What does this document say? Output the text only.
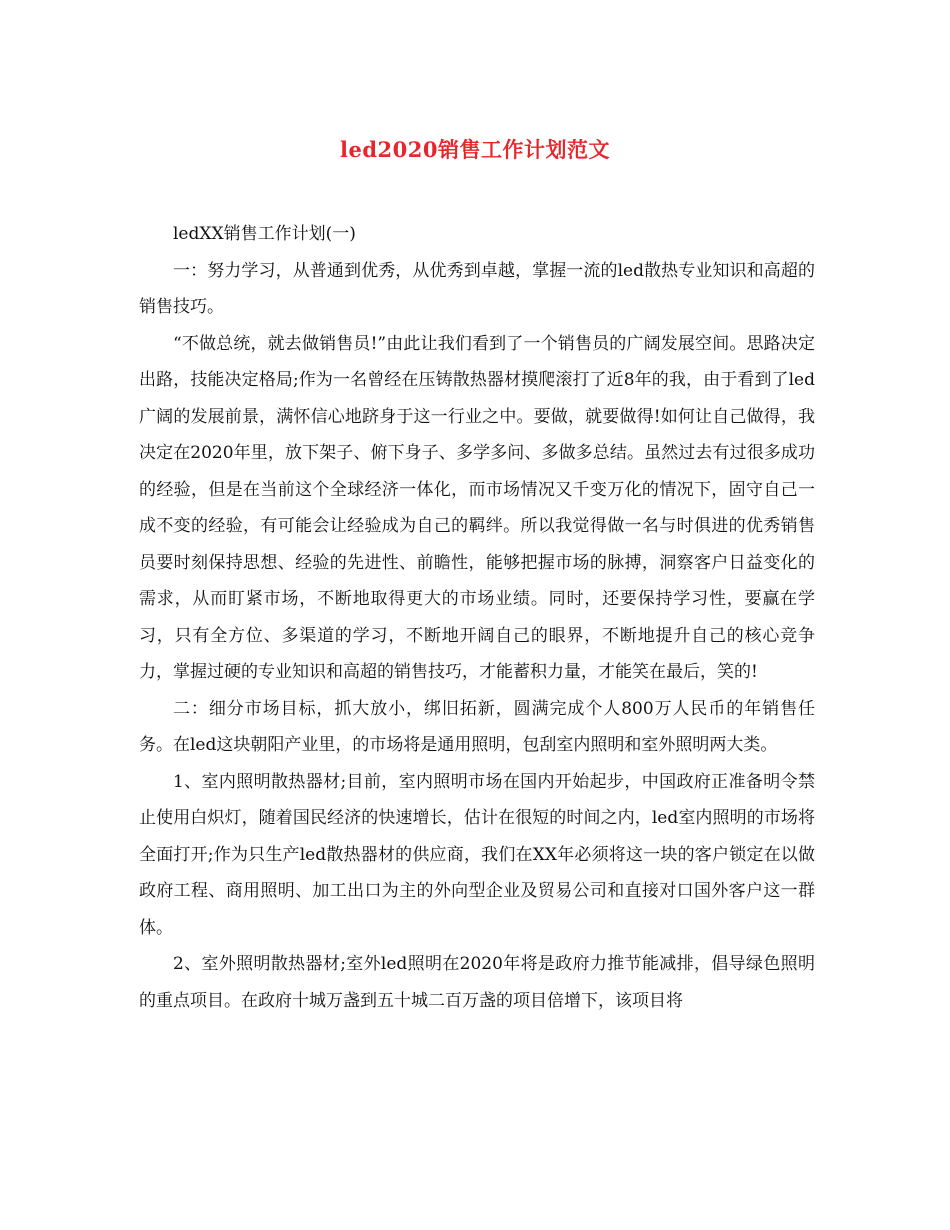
led2020销售工作计划范文

ledXX销售工作计划(一)

一：努力学习，从普通到优秀，从优秀到卓越，掌握一流的led散热专业知识和高超的销售技巧。

“不做总统，就去做销售员!”由此让我们看到了一个销售员的广阔发展空间。思路决定出路，技能决定格局;作为一名曾经在压铸散热器材摸爬滚打了近8年的我，由于看到了led广阔的发展前景，满怀信心地跻身于这一行业之中。要做，就要做得!如何让自己做得，我决定在2020年里，放下架子、俯下身子、多学多问、多做多总结。虽然过去有过很多成功的经验，但是在当前这个全球经济一体化，而市场情况又千变万化的情况下，固守自己一成不变的经验，有可能会让经验成为自己的羁绊。所以我觉得做一名与时俱进的优秀销售员要时刻保持思想、经验的先进性、前瞻性，能够把握市场的脉搏，洞察客户日益变化的需求，从而盯紧市场，不断地取得更大的市场业绩。同时，还要保持学习性，要赢在学习，只有全方位、多渠道的学习，不断地开阔自己的眼界，不断地提升自己的核心竞争力，掌握过硬的专业知识和高超的销售技巧，才能蓄积力量，才能笑在最后，笑的!

二：细分市场目标，抓大放小，绑旧拓新，圆满完成个人800万人民币的年销售任务。在led这块朝阳产业里，的市场将是通用照明，包刮室内照明和室外照明两大类。

1、室内照明散热器材;目前，室内照明市场在国内开始起步，中国政府正准备明令禁止使用白炽灯，随着国民经济的快速增长，估计在很短的时间之内，led室内照明的市场将全面打开;作为只生产led散热器材的供应商，我们在XX年必须将这一块的客户锁定在以做政府工程、商用照明、加工出口为主的外向型企业及贸易公司和直接对口国外客户这一群体。

2、室外照明散热器材;室外led照明在2020年将是政府力推节能减排，倡导绿色照明的重点项目。在政府十城万盏到五十城二百万盏的项目倍增下，该项目将
